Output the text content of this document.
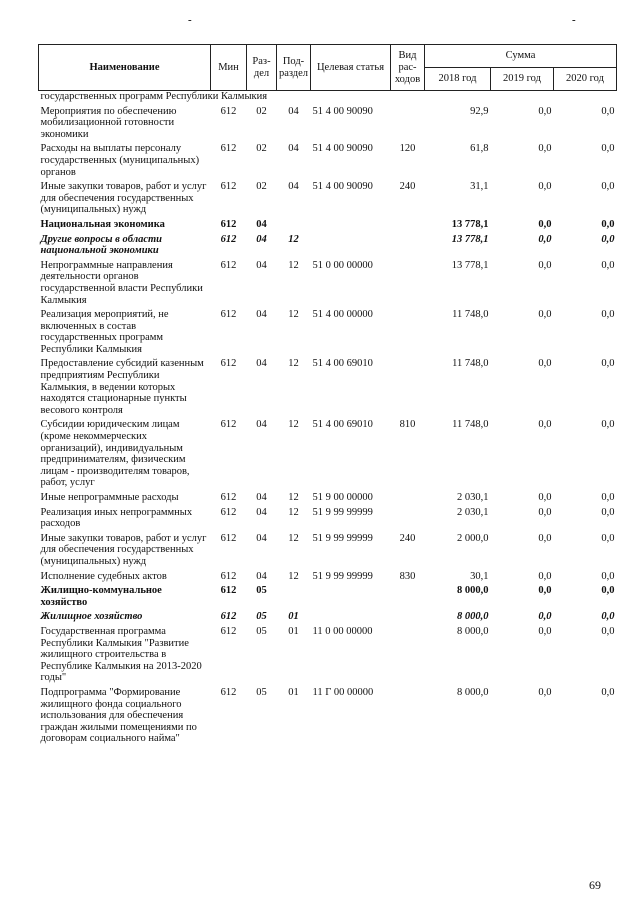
-	-
Наименование	Мин	Раз-дел	Под-раздел	Целевая статья	Вид рас-ходов	Сумма		
						2018 год	2019 год	2020 год
государственных программ Республики Калмыкия								
Мероприятия по обеспечению мобилизационной готовности экономики	612	02	04	51 4 00 90090		92,9	0,0	0,0
Расходы на выплаты персоналу государственных (муниципальных) органов	612	02	04	51 4 00 90090	120	61,8	0,0	0,0
Иные закупки товаров, работ и услуг для обеспечения государственных (муниципальных) нужд	612	02	04	51 4 00 90090	240	31,1	0,0	0,0
Национальная экономика	612	04				13 778,1	0,0	0,0
Другие вопросы в области национальной экономики	612	04	12			13 778,1	0,0	0,0
Непрограммные направления деятельности органов государственной власти Республики Калмыкия	612	04	12	51 0 00 00000		13 778,1	0,0	0,0
Реализация мероприятий, не включенных в состав государственных программ Республики Калмыкия	612	04	12	51 4 00 00000		11 748,0	0,0	0,0
Предоставление субсидий казенным предприятиям Республики Калмыкия, в ведении которых находятся стационарные пункты весового контроля	612	04	12	51 4 00 69010		11 748,0	0,0	0,0
Субсидии юридическим лицам (кроме некоммерческих организаций), индивидуальным предпринимателям, физическим лицам - производителям товаров, работ, услуг	612	04	12	51 4 00 69010	810	11 748,0	0,0	0,0
Иные непрограммные расходы	612	04	12	51 9 00 00000		2 030,1	0,0	0,0
Реализация иных непрограммных расходов	612	04	12	51 9 99 99999		2 030,1	0,0	0,0
Иные закупки товаров, работ и услуг для обеспечения государственных (муниципальных) нужд	612	04	12	51 9 99 99999	240	2 000,0	0,0	0,0
Исполнение судебных актов	612	04	12	51 9 99 99999	830	30,1	0,0	0,0
Жилищно-коммунальное хозяйство	612	05				8 000,0	0,0	0,0
Жилищное хозяйство	612	05	01			8 000,0	0,0	0,0
Государственная программа Республики Калмыкия "Развитие жилищного строительства в Республике Калмыкия на 2013-2020 годы"	612	05	01	11 0 00 00000		8 000,0	0,0	0,0
Подпрограмма "Формирование жилищного фонда социального использования для обеспечения граждан жилыми помещениями по договорам социального найма"	612	05	01	11 Г 00 00000		8 000,0	0,0	0,0
69
